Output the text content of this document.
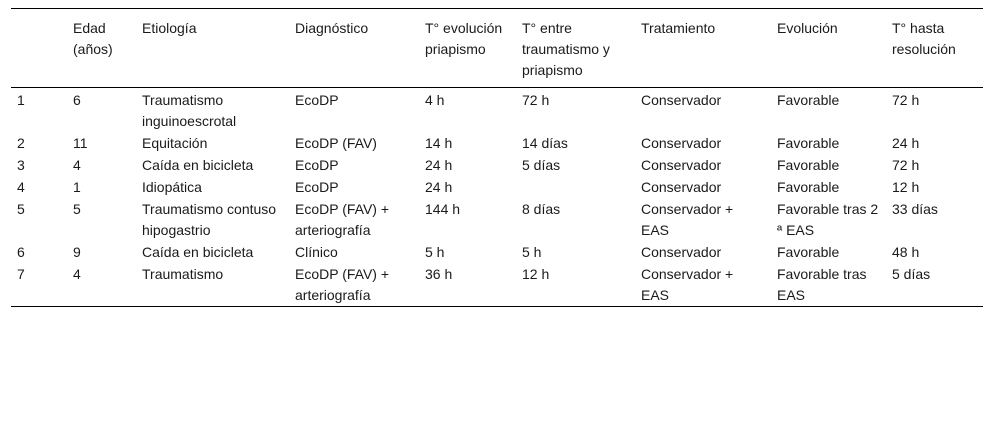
	Edad (años)	Etiología	Diagnóstico	T° evolución priapismo	T° entre traumatismo y priapismo	Tratamiento	Evolución	T° hasta resolución
1	6	Traumatismo inguinoescrotal	EcoDP	4 h	72 h	Conservador	Favorable	72 h
2	11	Equitación	EcoDP (FAV)	14 h	14 días	Conservador	Favorable	24 h
3	4	Caída en bicicleta	EcoDP	24 h	5 días	Conservador	Favorable	72 h
4	1	Idiopática	EcoDP	24 h		Conservador	Favorable	12 h
5	5	Traumatismo contuso hipogastrio	EcoDP (FAV) + arteriografía	144 h	8 días	Conservador + EAS	Favorable tras 2 ª EAS	33 días
6	9	Caída en bicicleta	Clínico	5 h	5 h	Conservador	Favorable	48 h
7	4	Traumatismo	EcoDP (FAV) + arteriografía	36 h	12 h	Conservador + EAS	Favorable tras EAS	5 días
